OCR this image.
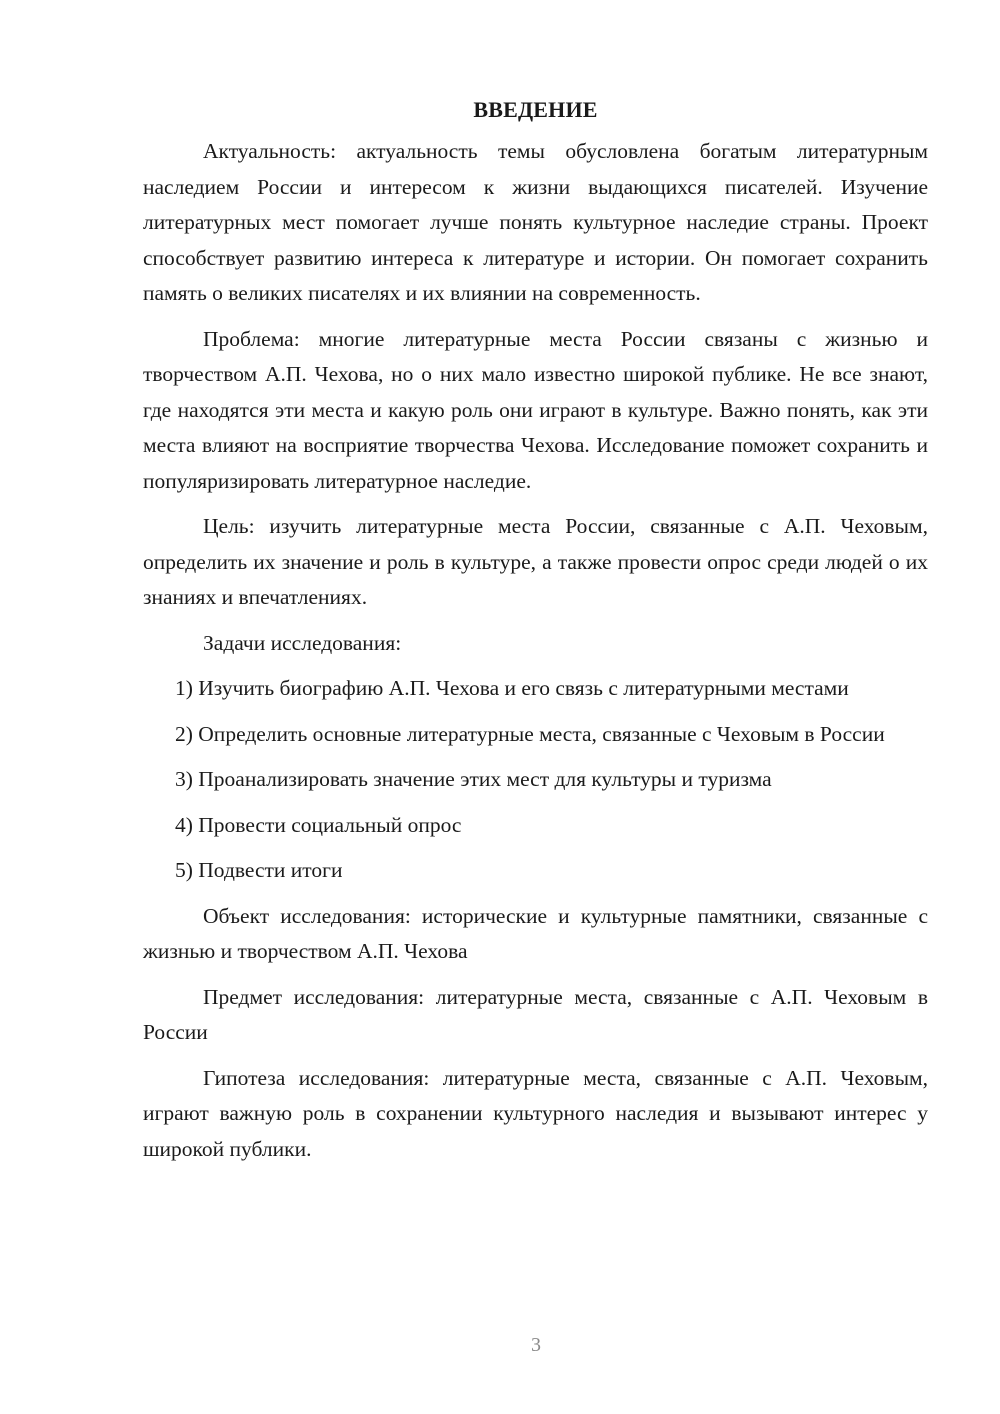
ВВЕДЕНИЕ

Актуальность: актуальность темы обусловлена богатым литературным наследием России и интересом к жизни выдающихся писателей. Изучение литературных мест помогает лучше понять культурное наследие страны. Проект способствует развитию интереса к литературе и истории. Он помогает сохранить память о великих писателях и их влиянии на современность.

Проблема: многие литературные места России связаны с жизнью и творчеством А.П. Чехова, но о них мало известно широкой публике. Не все знают, где находятся эти места и какую роль они играют в культуре. Важно понять, как эти места влияют на восприятие творчества Чехова. Исследование поможет сохранить и популяризировать литературное наследие.

Цель: изучить литературные места России, связанные с А.П. Чеховым, определить их значение и роль в культуре, а также провести опрос среди людей о их знаниях и впечатлениях.

Задачи исследования:

1) Изучить биографию А.П. Чехова и его связь с литературными местами

2) Определить основные литературные места, связанные с Чеховым в России

3) Проанализировать значение этих мест для культуры и туризма

4) Провести социальный опрос

5) Подвести итоги

Объект исследования: исторические и культурные памятники, связанные с жизнью и творчеством А.П. Чехова

Предмет исследования: литературные места, связанные с А.П. Чеховым в России

Гипотеза исследования: литературные места, связанные с А.П. Чеховым, играют важную роль в сохранении культурного наследия и вызывают интерес у широкой публики.

3
